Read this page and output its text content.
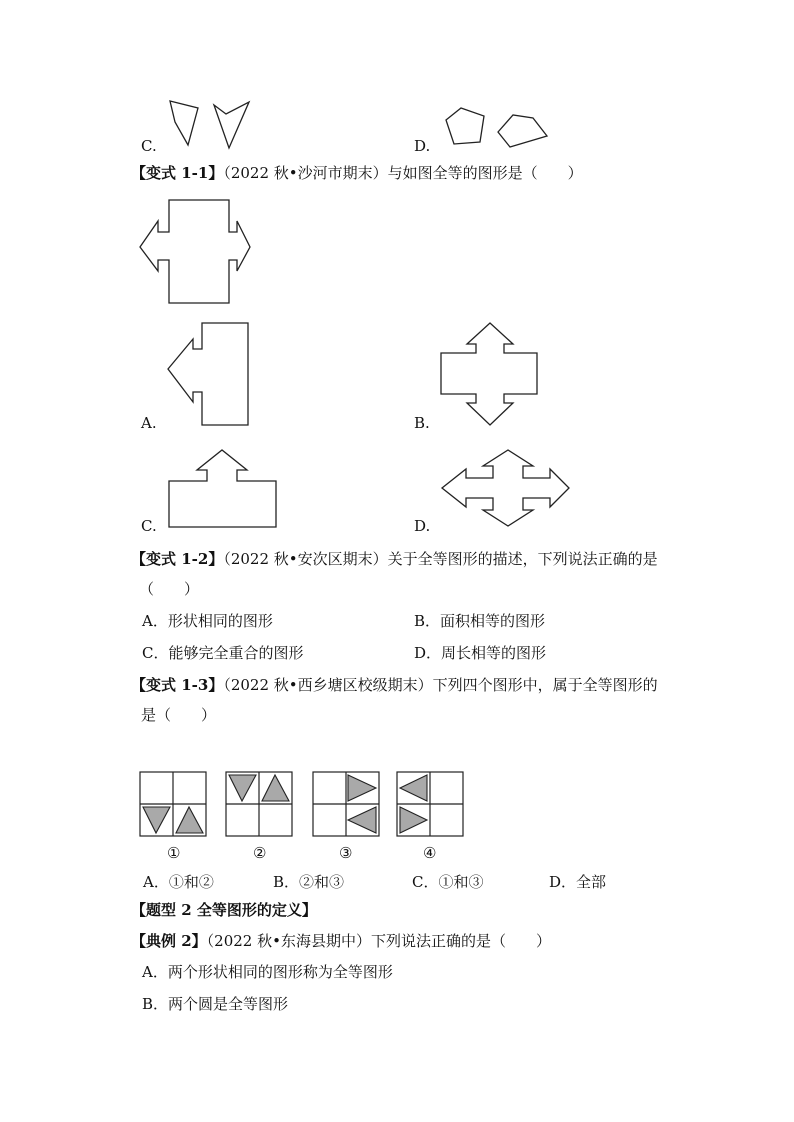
C.	D.
【变式 1-1】（2022 秋•沙河市期末）与如图全等的图形是（　　）
A.	B.
C.	D.
【变式 1-2】（2022 秋•安次区期末）关于全等图形的描述，下列说法正确的是
（　　）
A．形状相同的图形	B．面积相等的图形
C．能够完全重合的图形	D．周长相等的图形
【变式 1-3】（2022 秋•西乡塘区校级期末）下列四个图形中，属于全等图形的
是（　　）
①	②	③	④
A．①和②	B．②和③	C．①和③	D．全部
【题型 2 全等图形的定义】
【典例 2】（2022 秋•东海县期中）下列说法正确的是（　　）
A．两个形状相同的图形称为全等图形
B．两个圆是全等图形
